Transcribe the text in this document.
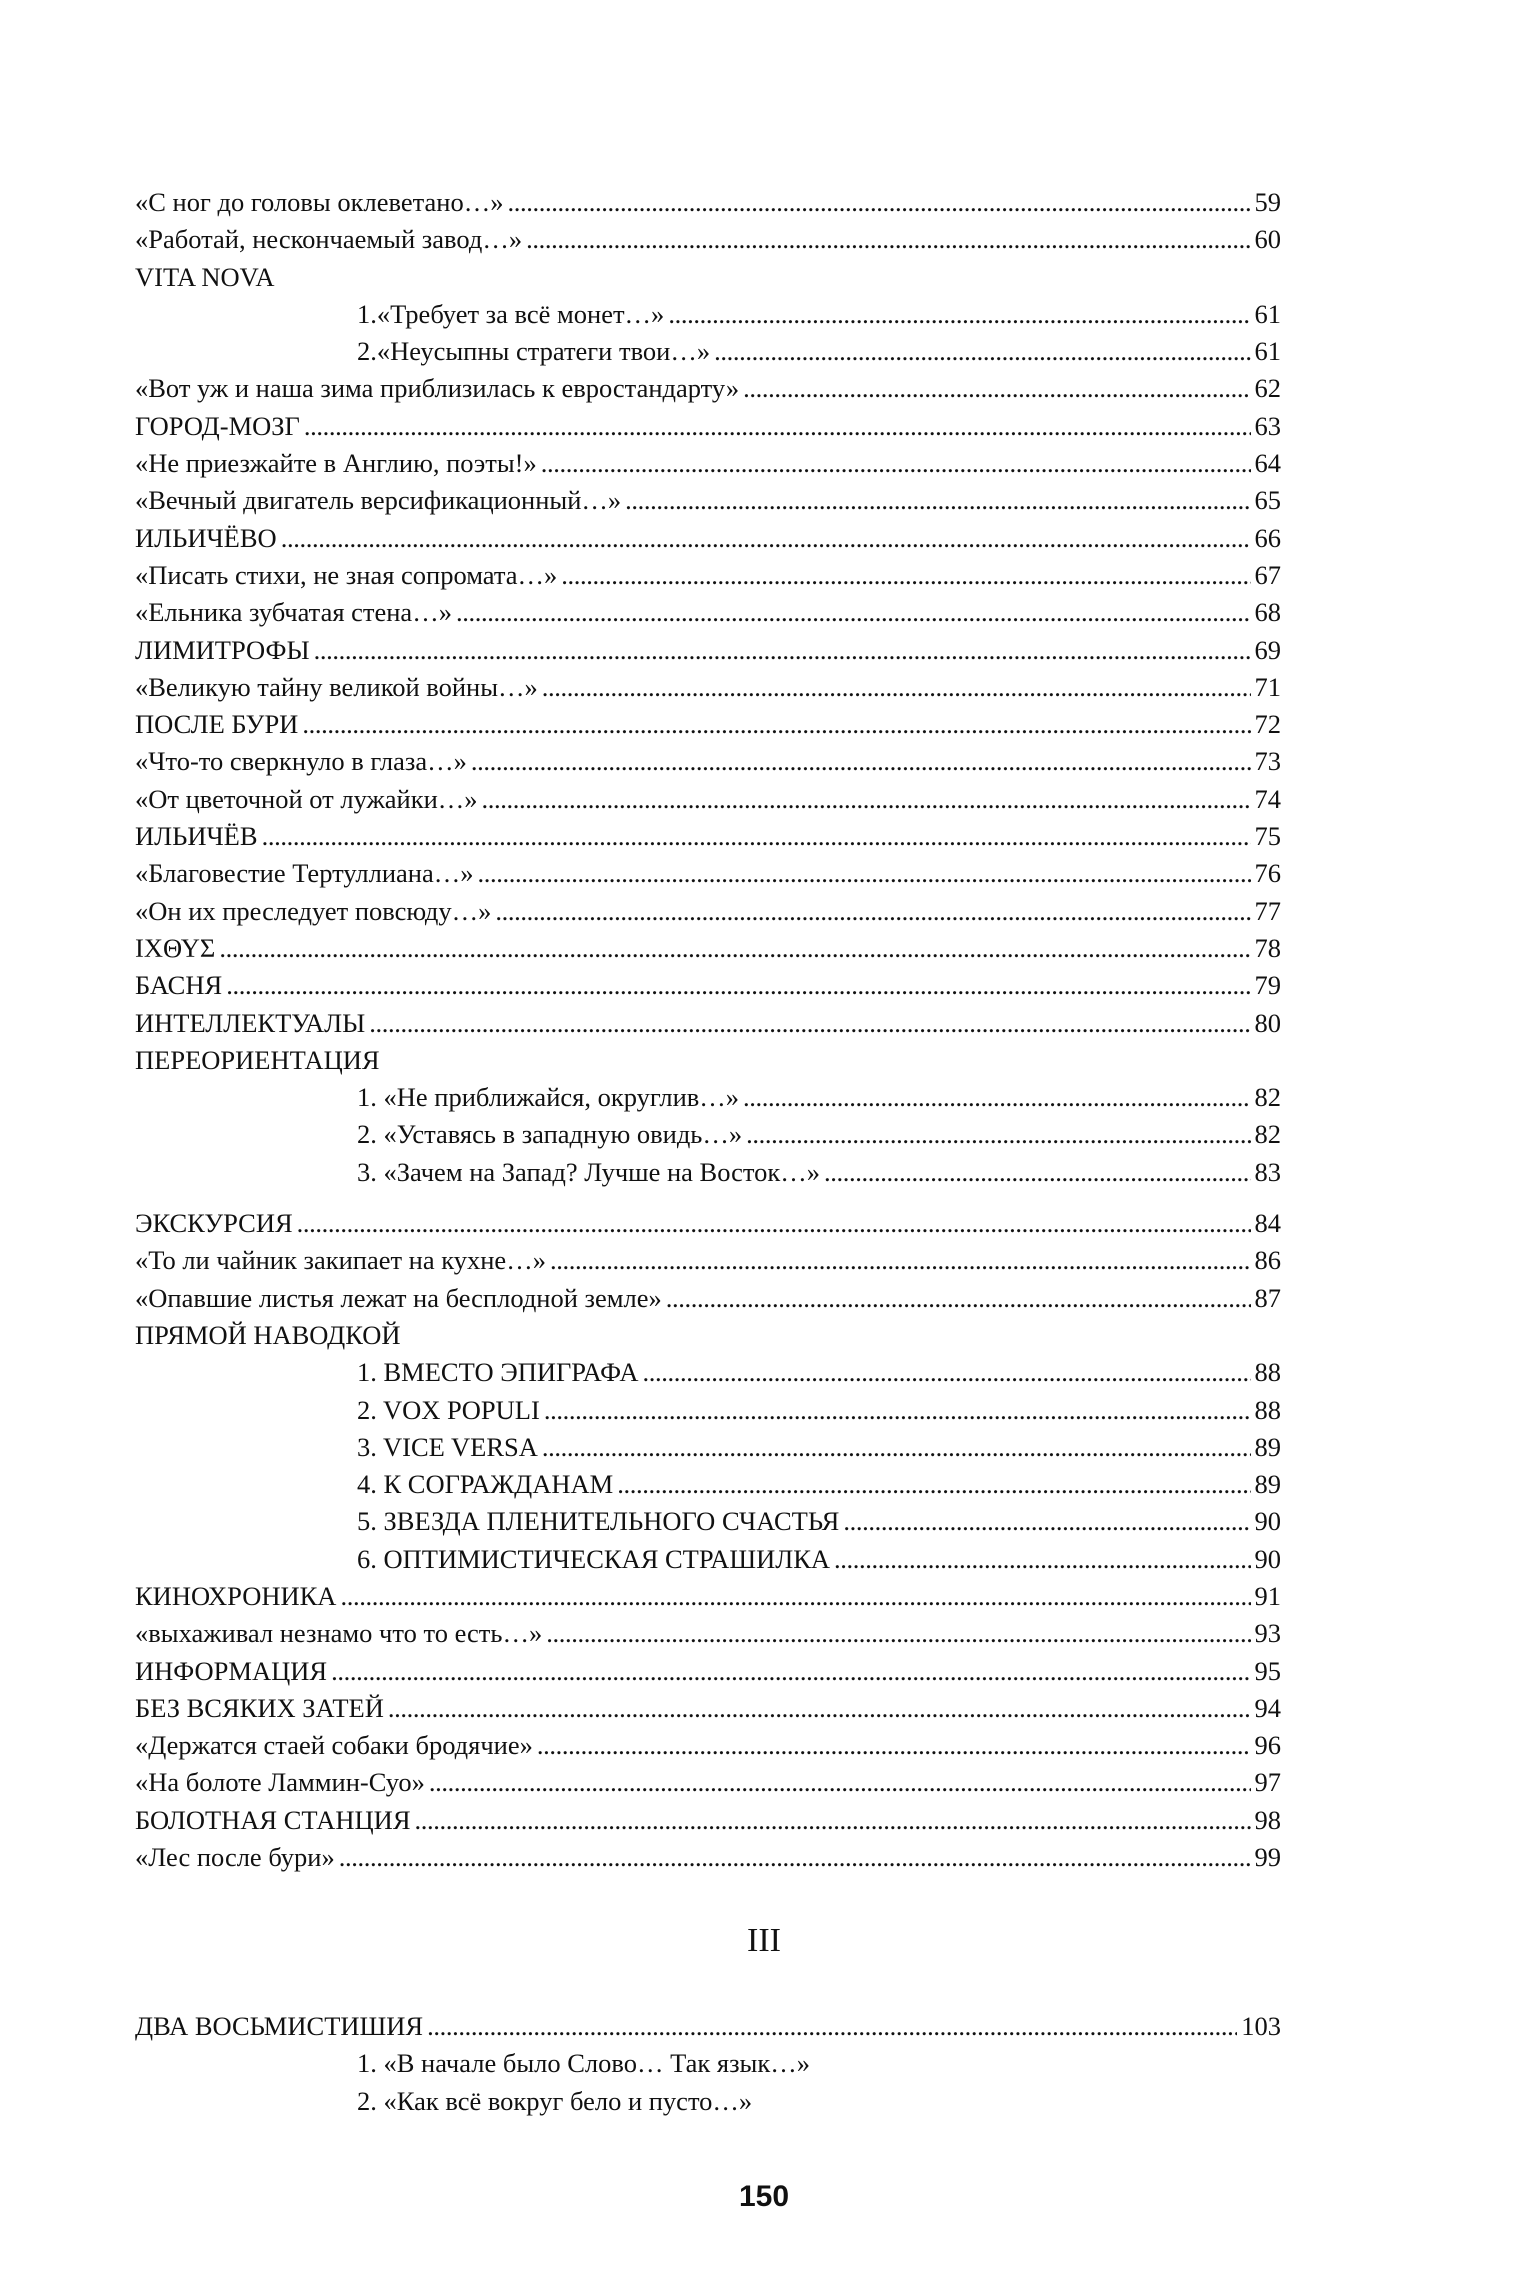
«С ног до головы оклеветано…» . . .	59
«Работай, нескончаемый завод…» . . .	60
VITA NOVA
1.«Требует за всё монет…» . . .	61
2.«Неусыпны стратеги твои…» . . .	61
«Вот уж и наша зима приблизилась к евростандарту» . . .	62
ГОРОД-МОЗГ . . .	63
«Не приезжайте в Англию, поэты!» . . .	64
«Вечный двигатель версификационный…» . . .	65
ИЛЬИЧЁВО . . .	66
«Писать стихи, не зная сопромата…» . . .	67
«Ельника зубчатая стена…» . . .	68
ЛИМИТРОФЫ . . .	69
«Великую тайну великой войны…» . . .	71
ПОСЛЕ БУРИ . . .	72
«Что-то сверкнуло в глаза…» . . .	73
«От цветочной от лужайки…» . . .	74
ИЛЬИЧЁВ . . .	75
«Благовестие Тертуллиана…» . . .	76
«Он их преследует повсюду…» . . .	77
ΙΧΘΥΣ . . .	78
БАСНЯ . . .	79
ИНТЕЛЛЕКТУАЛЫ . . .	80
ПЕРЕОРИЕНТАЦИЯ
1. «Не приближайся, округлив…» . . .	82
2. «Уставясь в западную овидь…» . . .	82
3. «Зачем на Запад? Лучше на Восток…» . . .	83
ЭКСКУРСИЯ . . .	84
«То ли чайник закипает на кухне…» . . .	86
«Опавшие листья лежат на бесплодной земле» . . .	87
ПРЯМОЙ НАВОДКОЙ
1. ВМЕСТО ЭПИГРАФА . . .	88
2. VOX POPULI . . .	88
3. VICE VERSA . . .	89
4. К СОГРАЖДАНАМ . . .	89
5. ЗВЕЗДА ПЛЕНИТЕЛЬНОГО СЧАСТЬЯ . . .	90
6. ОПТИМИСТИЧЕСКАЯ СТРАШИЛКА . . .	90
КИНОХРОНИКА . . .	91
«выхаживал незнамо что то есть…» . . .	93
ИНФОРМАЦИЯ . . .	95
БЕЗ ВСЯКИХ ЗАТЕЙ . . .	94
«Держатся стаей собаки бродячие» . . .	96
«На болоте Ламмин-Суо» . . .	97
БОЛОТНАЯ СТАНЦИЯ . . .	98
«Лес после бури» . . .	99
III
ДВА ВОСЬМИСТИШИЯ . . .	103
1. «В начале было Слово… Так язык…»
2. «Как всё вокруг бело и пусто…»
150
